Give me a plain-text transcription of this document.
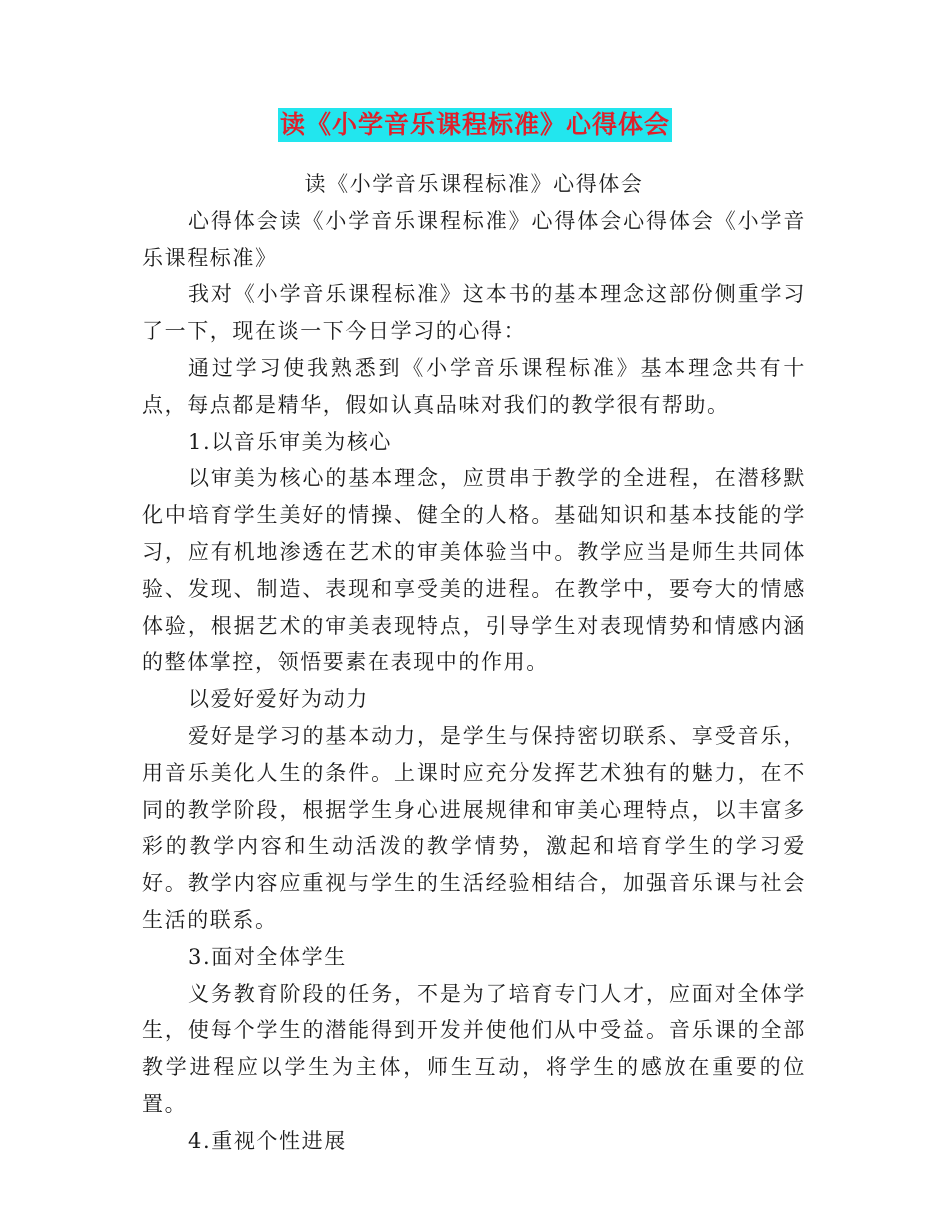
读《小学音乐课程标准》心得体会

读《小学音乐课程标准》心得体会

心得体会读《小学音乐课程标准》心得体会心得体会《小学音乐课程标准》

我对《小学音乐课程标准》这本书的基本理念这部份侧重学习了一下，现在谈一下今日学习的心得：

通过学习使我熟悉到《小学音乐课程标准》基本理念共有十点，每点都是精华，假如认真品味对我们的教学很有帮助。

1.以音乐审美为核心

以审美为核心的基本理念，应贯串于教学的全进程，在潜移默化中培育学生美好的情操、健全的人格。基础知识和基本技能的学习，应有机地渗透在艺术的审美体验当中。教学应当是师生共同体验、发现、制造、表现和享受美的进程。在教学中，要夸大的情感体验，根据艺术的审美表现特点，引导学生对表现情势和情感内涵的整体掌控，领悟要素在表现中的作用。

以爱好爱好为动力

爱好是学习的基本动力，是学生与保持密切联系、享受音乐，用音乐美化人生的条件。上课时应充分发挥艺术独有的魅力，在不同的教学阶段，根据学生身心进展规律和审美心理特点，以丰富多彩的教学内容和生动活泼的教学情势，激起和培育学生的学习爱好。教学内容应重视与学生的生活经验相结合，加强音乐课与社会生活的联系。

3.面对全体学生

义务教育阶段的任务，不是为了培育专门人才，应面对全体学生，使每个学生的潜能得到开发并使他们从中受益。音乐课的全部教学进程应以学生为主体，师生互动，将学生的感放在重要的位置。

4.重视个性进展
